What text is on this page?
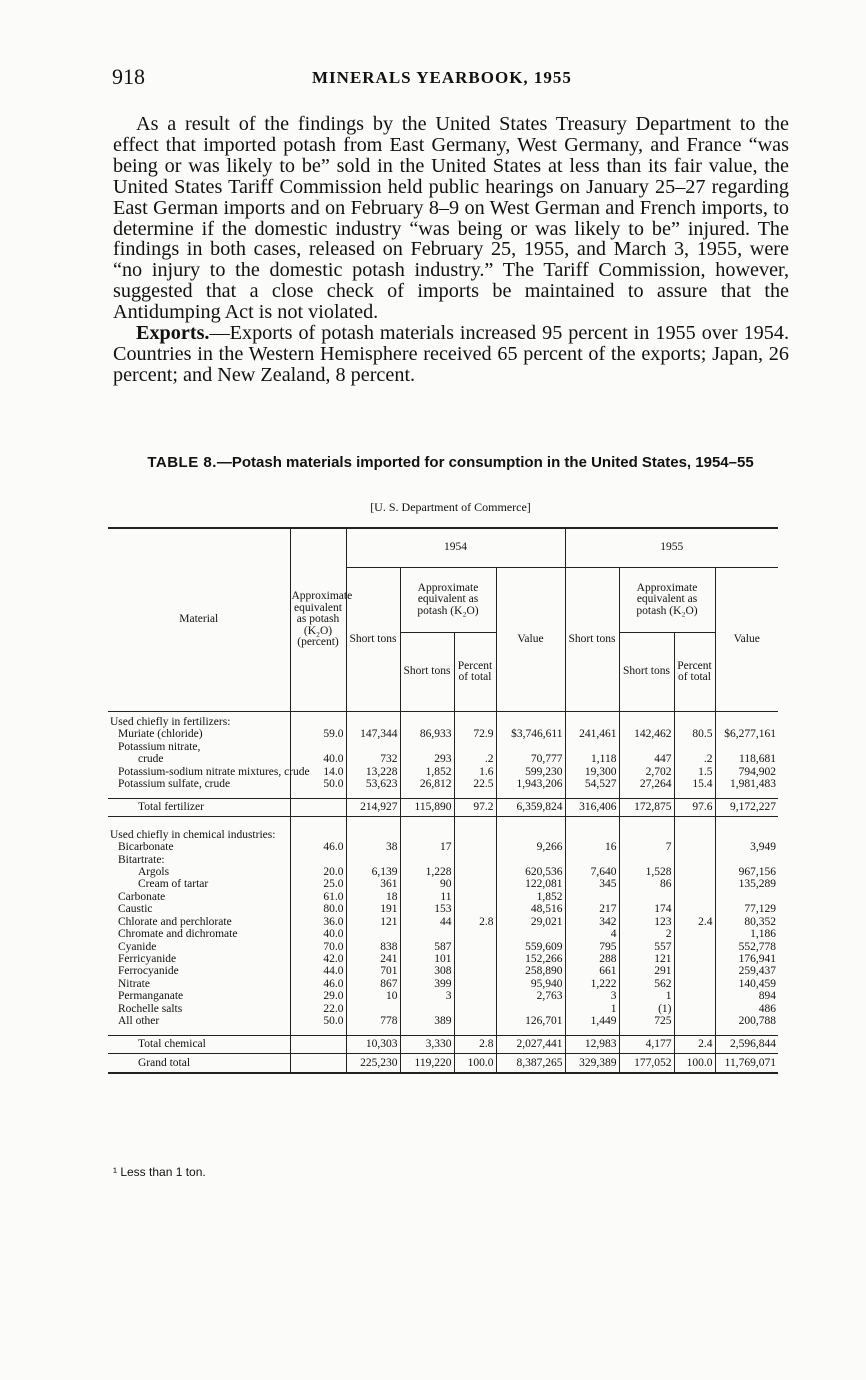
918	MINERALS YEARBOOK, 1955

As a result of the findings by the United States Treasury Department to the effect that imported potash from East Germany, West Germany, and France “was being or was likely to be” sold in the United States at less than its fair value, the United States Tariff Commission held public hearings on January 25–27 regarding East German imports and on February 8–9 on West German and French imports, to determine if the domestic industry “was being or was likely to be” injured. The findings in both cases, released on February 25, 1955, and March 3, 1955, were “no injury to the domestic potash industry.” The Tariff Commission, however, suggested that a close check of imports be maintained to assure that the Antidumping Act is not violated.

Exports.—Exports of potash materials increased 95 percent in 1955 over 1954. Countries in the Western Hemisphere received 65 percent of the exports; Japan, 26 percent; and New Zealand, 8 percent.

TABLE 8.—Potash materials imported for consumption in the United States, 1954–55
[U. S. Department of Commerce]
Material	Approximate equivalent as potash (K₂O) (percent)	1954				1955			
		Short tons	Approximate equivalent as potash (K₂O)		Value	Short tons	Approximate equivalent as potash (K₂O)		Value
			Short tons	Percent of total			Short tons	Percent of total	
Used chiefly in fertilizers:									
Muriate (chloride)	59.0	147,344	86,933	72.9	$3,746,611	241,461	142,462	80.5	$6,277,161
Potassium nitrate,									
crude	40.0	732	293	.2	70,777	1,118	447	.2	118,681
Potassium-sodium nitrate mixtures, crude	14.0	13,228	1,852	1.6	599,230	19,300	2,702	1.5	794,902
Potassium sulfate, crude	50.0	53,623	26,812	22.5	1,943,206	54,527	27,264	15.4	1,981,483

Total fertilizer		214,927	115,890	97.2	6,359,824	316,406	172,875	97.6	9,172,227

Used chiefly in chemical industries:									
Bicarbonate	46.0	38	17		9,266	16	7		3,949
Bitartrate:									
Argols	20.0	6,139	1,228		620,536	7,640	1,528		967,156
Cream of tartar	25.0	361	90		122,081	345	86		135,289
Carbonate	61.0	18	11		1,852				
Caustic	80.0	191	153		48,516	217	174		77,129
Chlorate and perchlorate	36.0	121	44	2.8	29,021	342	123	2.4	80,352
Chromate and dichromate	40.0					4	2		1,186
Cyanide	70.0	838	587		559,609	795	557		552,778
Ferricyanide	42.0	241	101		152,266	288	121		176,941
Ferrocyanide	44.0	701	308		258,890	661	291		259,437
Nitrate	46.0	867	399		95,940	1,222	562		140,459
Permanganate	29.0	10	3		2,763	3	1		894
Rochelle salts	22.0					1	(1)		486
All other	50.0	778	389		126,701	1,449	725		200,788

Total chemical		10,303	3,330	2.8	2,027,441	12,983	4,177	2.4	2,596,844
Grand total		225,230	119,220	100.0	8,387,265	329,389	177,052	100.0	11,769,071
¹ Less than 1 ton.
